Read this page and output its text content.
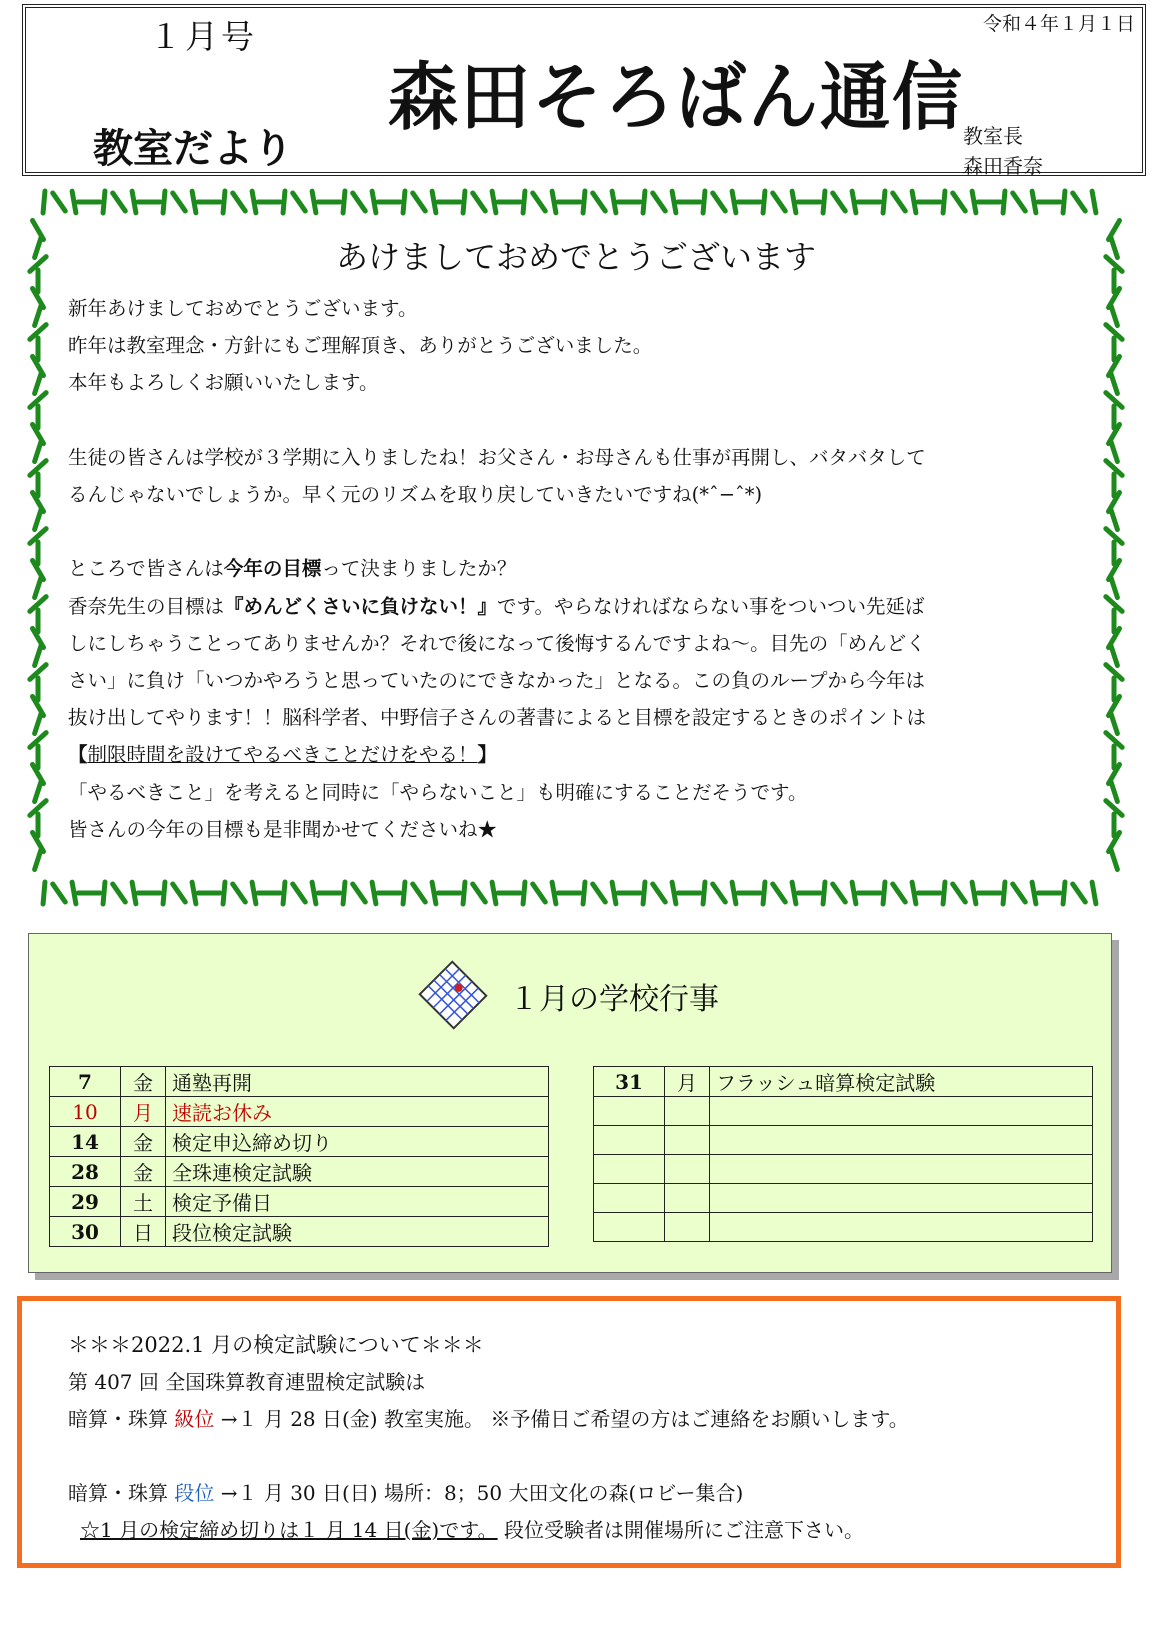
１月号	令和４年１月１日
森田そろばん通信
教室だより	教室長
森田香奈
あけましておめでとうございます

新年あけましておめでとうございます。

昨年は教室理念・方針にもご理解頂き、ありがとうございました。

本年もよろしくお願いいたします。

生徒の皆さんは学校が３学期に入りましたね！お父さん・お母さんも仕事が再開し、バタバタして

るんじゃないでしょうか。早く元のリズムを取り戻していきたいですね(*ˆ−ˆ*)

ところで皆さんは今年の目標って決まりましたか？

香奈先生の目標は『めんどくさいに負けない！』です。やらなければならない事をついつい先延ば

しにしちゃうことってありませんか？それで後になって後悔するんですよね～。目先の「めんどく

さい」に負け「いつかやろうと思っていたのにできなかった」となる。この負のループから今年は

抜け出してやります！！脳科学者、中野信子さんの著書によると目標を設定するときのポイントは

【制限時間を設けてやるべきことだけをやる！】

「やるべきこと」を考えると同時に「やらないこと」も明確にすることだそうです。

皆さんの今年の目標も是非聞かせてくださいね★

１月の学校行事
7	金	通塾再開
10	月	速読お休み
14	金	検定申込締め切り
28	金	全珠連検定試験
29	土	検定予備日
30	日	段位検定試験
31	月	フラッシュ暗算検定試験

＊＊＊2022.1 月の検定試験について＊＊＊

第 407 回 全国珠算教育連盟検定試験は

暗算・珠算 級位 →１ 月 28 日(金) 教室実施。 ※予備日ご希望の方はご連絡をお願いします。

暗算・珠算 段位 →１ 月 30 日(日) 場所：8；50 大田文化の森(ロビー集合)

☆1 月の検定締め切りは１ 月 14 日(金)です。 段位受験者は開催場所にご注意下さい。
